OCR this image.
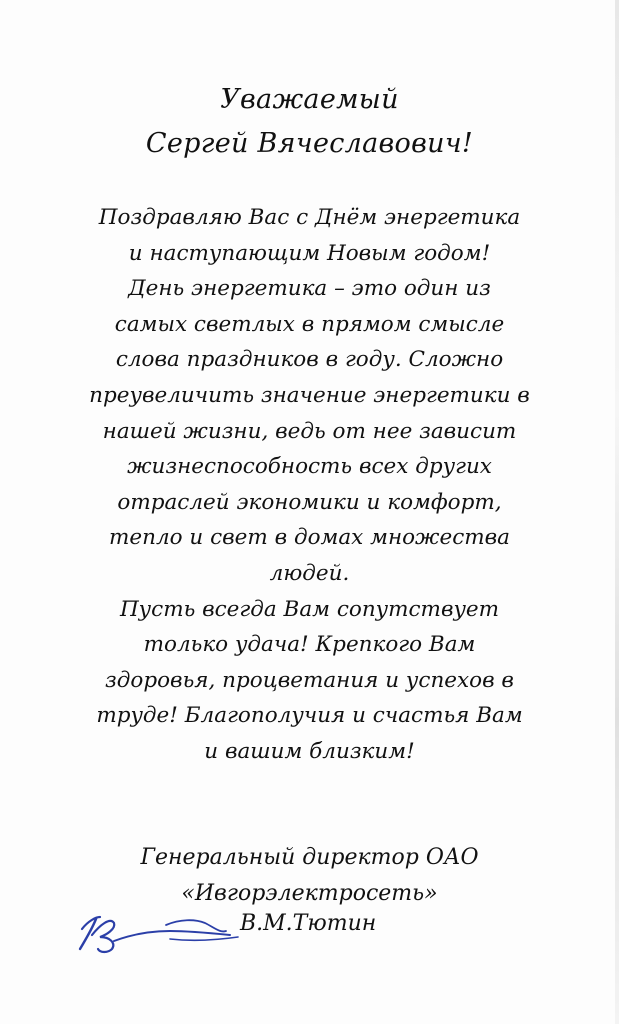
Уважаемый
Сергей Вячеславович!
Поздравляю Вас с Днём энергетика
и наступающим Новым годом!
День энергетика – это один из
самых светлых в прямом смысле
слова праздников в году. Сложно
преувеличить значение энергетики в
нашей жизни, ведь от нее зависит
жизнеспособность всех других
отраслей экономики и комфорт,
тепло и свет в домах множества
людей.
Пусть всегда Вам сопутствует
только удача! Крепкого Вам
здоровья, процветания и успехов в
труде! Благополучия и счастья Вам
и вашим близким!
Генеральный директор ОАО
«Ивгорэлектросеть»
В.М.Тютин
